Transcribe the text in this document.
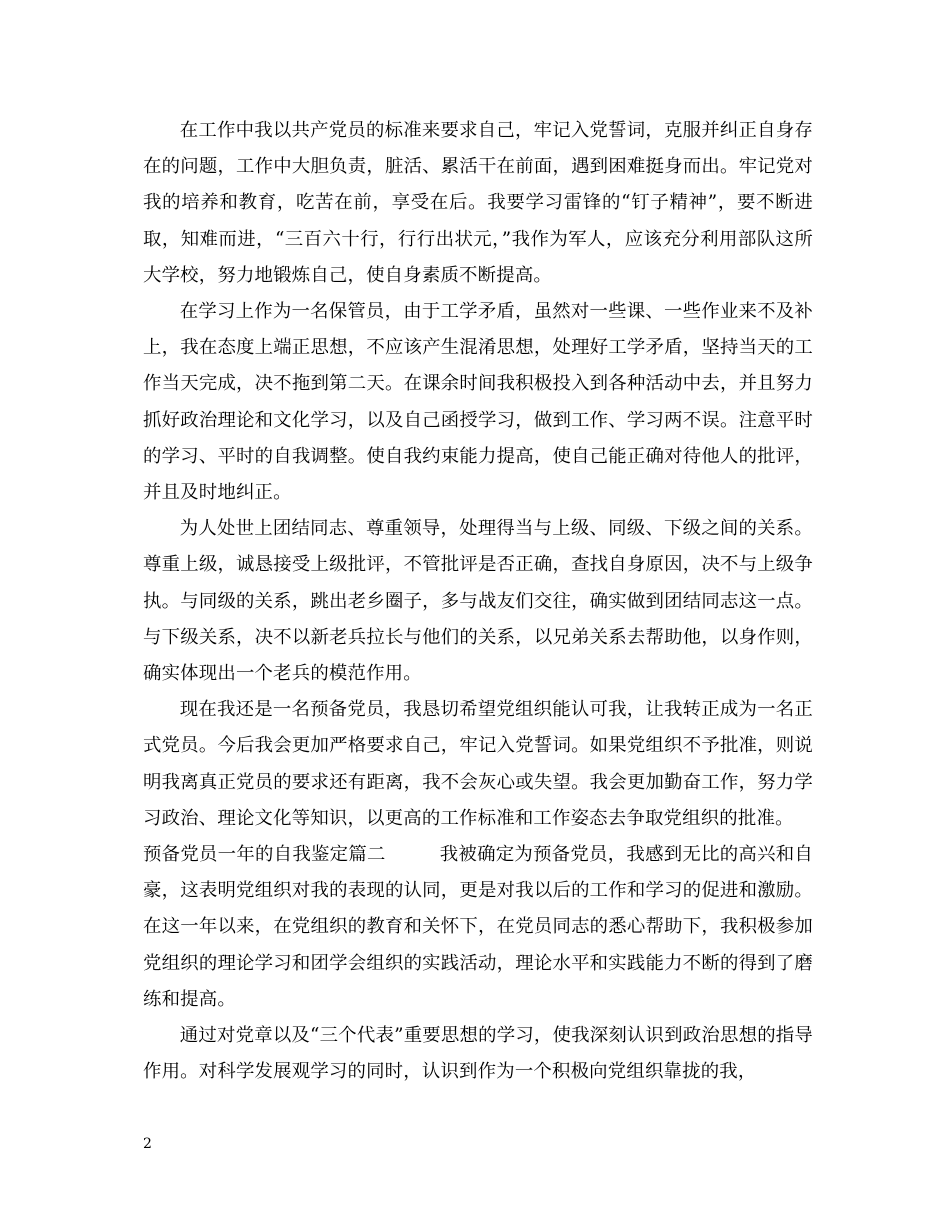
在工作中我以共产党员的标准来要求自己，牢记入党誓词，克服并纠正自身存在的问题，工作中大胆负责，脏活、累活干在前面，遇到困难挺身而出。牢记党对我的培养和教育，吃苦在前，享受在后。我要学习雷锋的“钉子精神”，要不断进取，知难而进，“三百六十行，行行出状元，”我作为军人，应该充分利用部队这所大学校，努力地锻炼自己，使自身素质不断提高。

在学习上作为一名保管员，由于工学矛盾，虽然对一些课、一些作业来不及补上，我在态度上端正思想，不应该产生混淆思想，处理好工学矛盾，坚持当天的工作当天完成，决不拖到第二天。在课余时间我积极投入到各种活动中去，并且努力抓好政治理论和文化学习，以及自己函授学习，做到工作、学习两不误。注意平时的学习、平时的自我调整。使自我约束能力提高，使自己能正确对待他人的批评，并且及时地纠正。

为人处世上团结同志、尊重领导，处理得当与上级、同级、下级之间的关系。尊重上级，诚恳接受上级批评，不管批评是否正确，查找自身原因，决不与上级争执。与同级的关系，跳出老乡圈子，多与战友们交往，确实做到团结同志这一点。与下级关系，决不以新老兵拉长与他们的关系，以兄弟关系去帮助他，以身作则，确实体现出一个老兵的模范作用。

现在我还是一名预备党员，我恳切希望党组织能认可我，让我转正成为一名正式党员。今后我会更加严格要求自己，牢记入党誓词。如果党组织不予批准，则说明我离真正党员的要求还有距离，我不会灰心或失望。我会更加勤奋工作，努力学习政治、理论文化等知识，以更高的工作标准和工作姿态去争取党组织的批准。

预备党员一年的自我鉴定篇二	我被确定为预备党员，我感到无比的高兴和自豪，这表明党组织对我的表现的认同，更是对我以后的工作和学习的促进和激励。在这一年以来，在党组织的教育和关怀下，在党员同志的悉心帮助下，我积极参加党组织的理论学习和团学会组织的实践活动，理论水平和实践能力不断的得到了磨练和提高。

通过对党章以及“三个代表”重要思想的学习，使我深刻认识到政治思想的指导作用。对科学发展观学习的同时，认识到作为一个积极向党组织靠拢的我，

2
